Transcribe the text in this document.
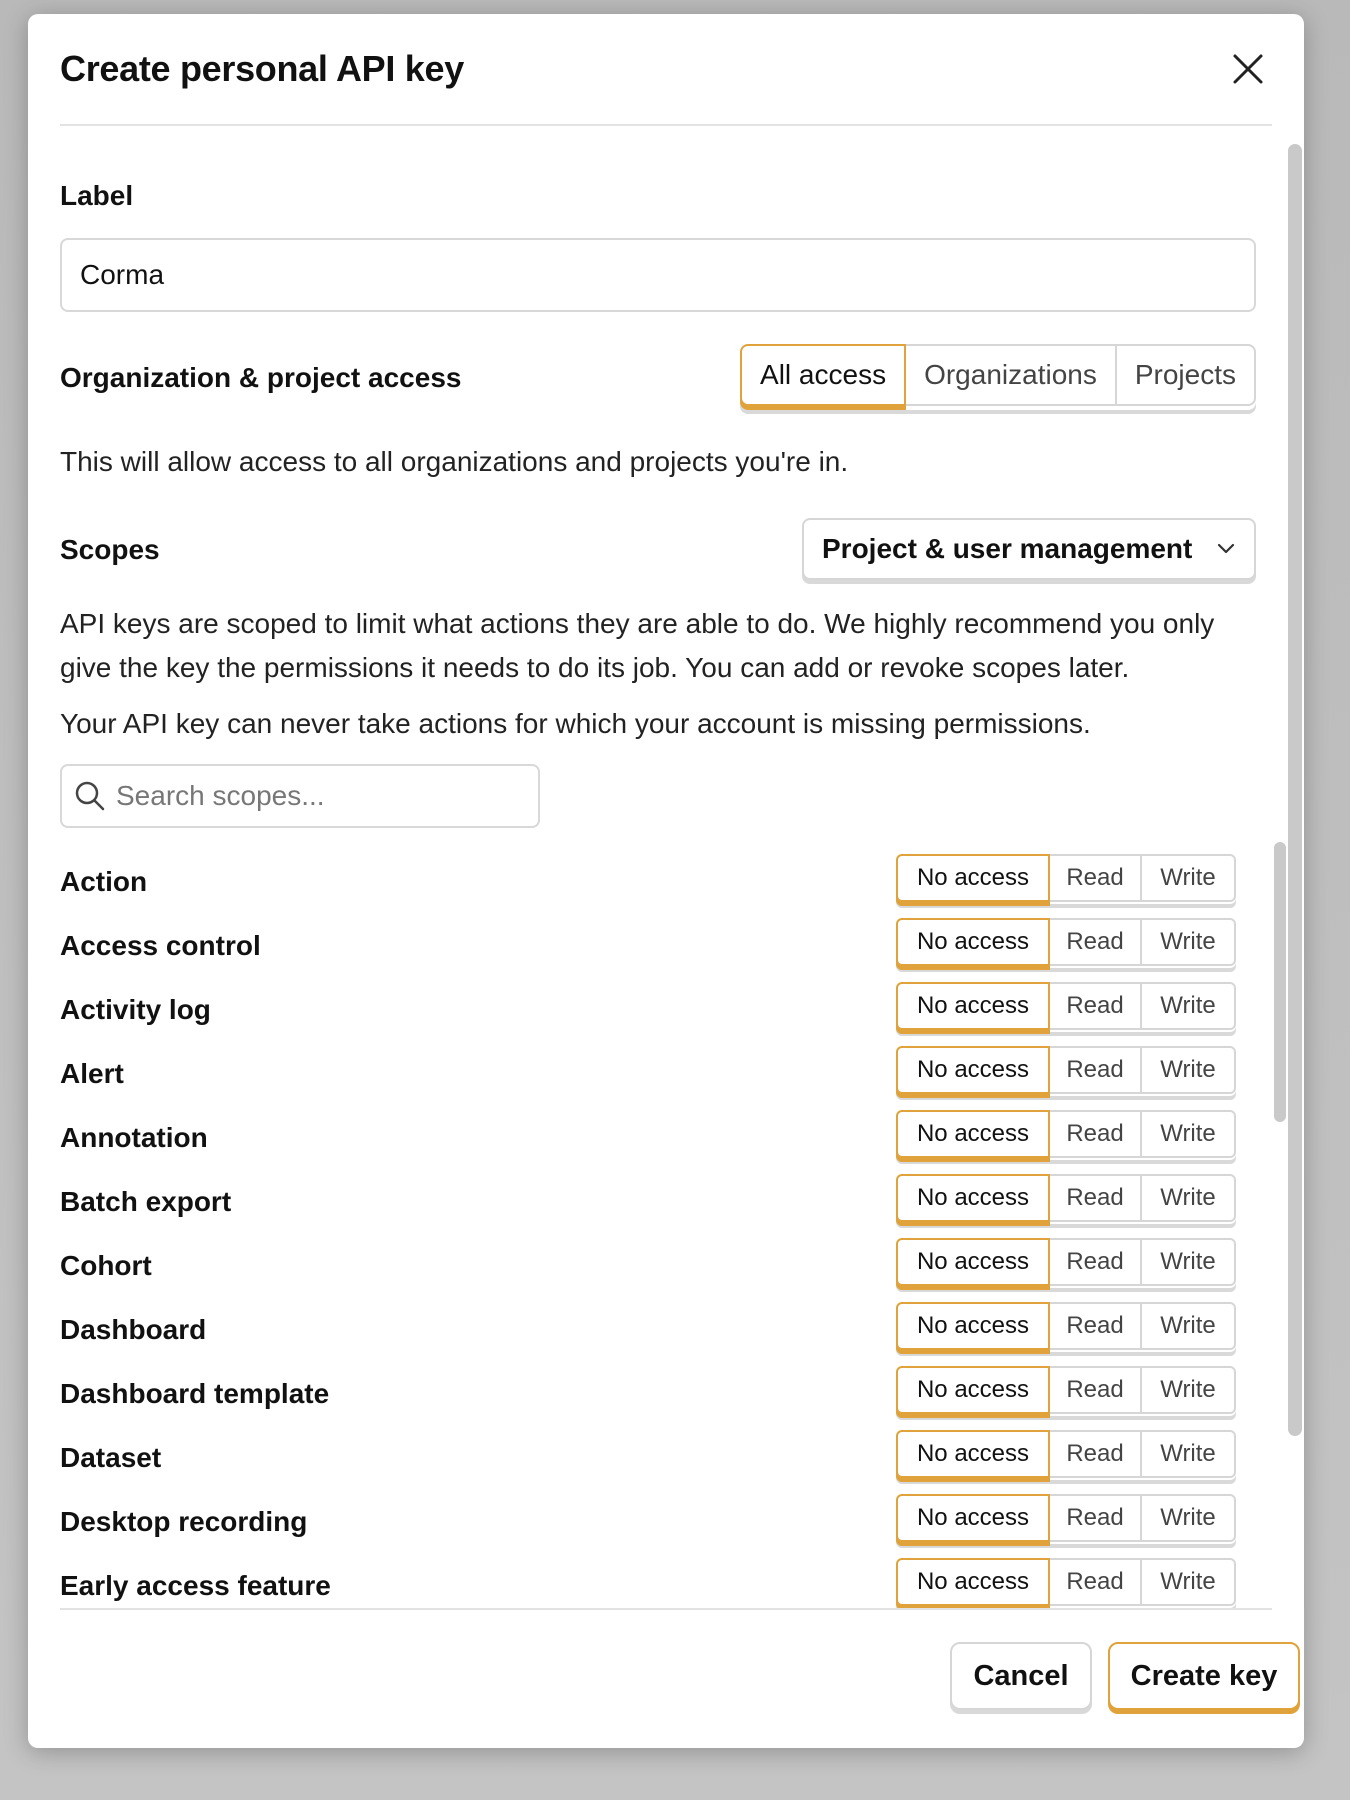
Create personal API key
Label
Corma
Organization & project access	All access	Organizations	Projects

This will allow access to all organizations and projects you're in.

Scopes	Project & user management

API keys are scoped to limit what actions they are able to do. We highly recommend you only give the key the permissions it needs to do its job. You can add or revoke scopes later.

Your API key can never take actions for which your account is missing permissions.

Search scopes...
Action	No access	Read	Write
Access control	No access	Read	Write
Activity log	No access	Read	Write
Alert	No access	Read	Write
Annotation	No access	Read	Write
Batch export	No access	Read	Write
Cohort	No access	Read	Write
Dashboard	No access	Read	Write
Dashboard template	No access	Read	Write
Dataset	No access	Read	Write
Desktop recording	No access	Read	Write
Early access feature	No access	Read	Write
Cancel	Create key
